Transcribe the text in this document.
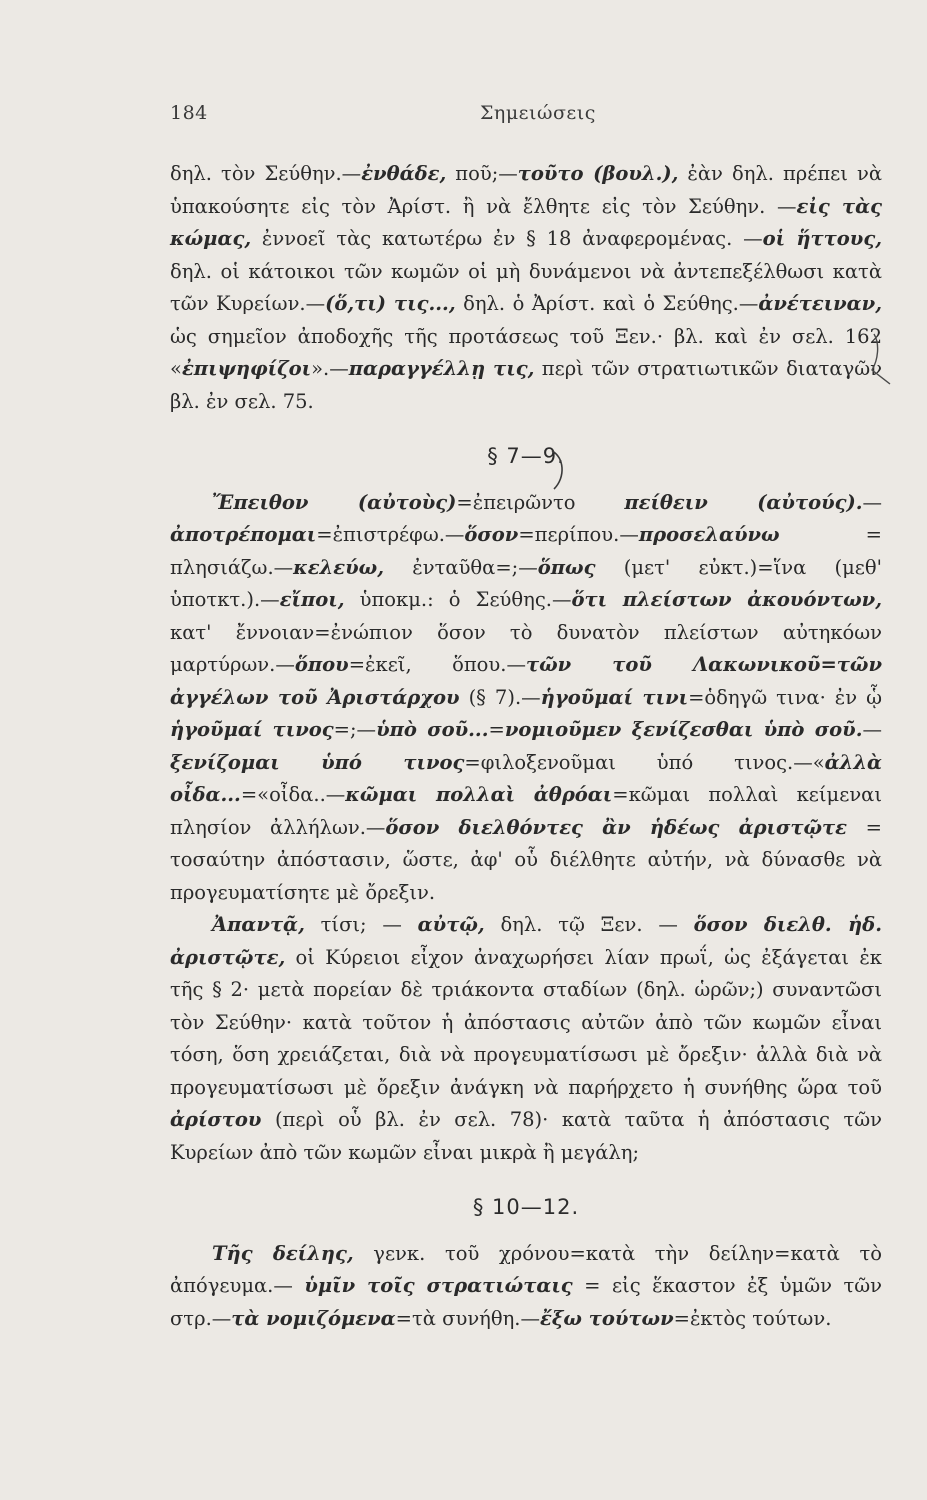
184	Σημειώσεις

δηλ. τὸν Σεύθην.—ἐνθάδε, ποῦ;—τοῦτο (βουλ.), ἐὰν δηλ. πρέπει νὰ ὑπακούσητε εἰς τὸν Ἀρίστ. ἢ νὰ ἔλθητε εἰς τὸν Σεύθην. —εἰς τὰς κώμας, ἐννοεῖ τὰς κατωτέρω ἐν § 18 ἀναφερομένας. —οἱ ἥττους, δηλ. οἱ κάτοικοι τῶν κωμῶν οἱ μὴ δυνάμενοι νὰ ἀντεπεξέλθωσι κατὰ τῶν Κυρείων.—(ὅ,τι) τις..., δηλ. ὁ Ἀρίστ. καὶ ὁ Σεύθης.—ἀνέτειναν, ὡς σημεῖον ἀποδοχῆς τῆς προτάσεως τοῦ Ξεν.· βλ. καὶ ἐν σελ. 162 «ἐπιψηφίζοι».—παραγγέλλῃ τις, περὶ τῶν στρατιωτικῶν διαταγῶν βλ. ἐν σελ. 75.

§ 7—9.

Ἔπειθον (αὐτοὺς)=ἐπειρῶντο πείθειν (αὐτούς).—ἀποτρέπομαι=ἐπιστρέφω.—ὅσον=περίπου.—προσελαύνω = πλησιάζω.—κελεύω, ἐνταῦθα=;—ὅπως (μετ' εὐκτ.)=ἵνα (μεθ' ὑποτκτ.).—εἴποι, ὑποκμ.: ὁ Σεύθης.—ὅτι πλείστων ἀκουόντων, κατ' ἔννοιαν=ἐνώπιον ὅσον τὸ δυνατὸν πλείστων αὐτηκόων μαρτύρων.—ὅπου=ἐκεῖ, ὅπου.—τῶν τοῦ Λακωνικοῦ=τῶν ἀγγέλων τοῦ Ἀριστάρχου (§ 7).—ἡγοῦμαί τινι=ὁδηγῶ τινα· ἐν ᾧ ἡγοῦμαί τινος=;—ὑπὸ σοῦ...=νομιοῦμεν ξενίζεσθαι ὑπὸ σοῦ.—ξενίζομαι ὑπό τινος=φιλοξενοῦμαι ὑπό τινος.—«ἀλλὰ οἶδα...=«οἶδα..—κῶμαι πολλαὶ ἀθρόαι=κῶμαι πολλαὶ κείμεναι πλησίον ἀλλήλων.—ὅσον διελθόντες ἂν ἡδέως ἀριστῷτε = τοσαύτην ἀπόστασιν, ὥστε, ἀφ' οὗ διέλθητε αὐτήν, νὰ δύνασθε νὰ προγευματίσητε μὲ ὄρεξιν.

Ἀπαντᾷ, τίσι; — αὐτῷ, δηλ. τῷ Ξεν. — ὅσον διελθ. ἡδ. ἀριστῷτε, οἱ Κύρειοι εἶχον ἀναχωρήσει λίαν πρωΐ, ὡς ἐξάγεται ἐκ τῆς § 2· μετὰ πορείαν δὲ τριάκοντα σταδίων (δηλ. ὡρῶν;) συναντῶσι τὸν Σεύθην· κατὰ τοῦτον ἡ ἀπόστασις αὐτῶν ἀπὸ τῶν κωμῶν εἶναι τόση, ὅση χρειάζεται, διὰ νὰ προγευματίσωσι μὲ ὄρεξιν· ἀλλὰ διὰ νὰ προγευματίσωσι μὲ ὄρεξιν ἀνάγκη νὰ παρήρχετο ἡ συνήθης ὥρα τοῦ ἀρίστου (περὶ οὗ βλ. ἐν σελ. 78)· κατὰ ταῦτα ἡ ἀπόστασις τῶν Κυρείων ἀπὸ τῶν κωμῶν εἶναι μικρὰ ἢ μεγάλη;

§ 10—12.

Τῆς δείλης, γενκ. τοῦ χρόνου=κατὰ τὴν δείλην=κατὰ τὸ ἀπόγευμα.— ὑμῖν τοῖς στρατιώταις = εἰς ἕκαστον ἐξ ὑμῶν τῶν στρ.—τὰ νομιζόμενα=τὰ συνήθη.—ἔξω τούτων=ἐκτὸς τούτων.
